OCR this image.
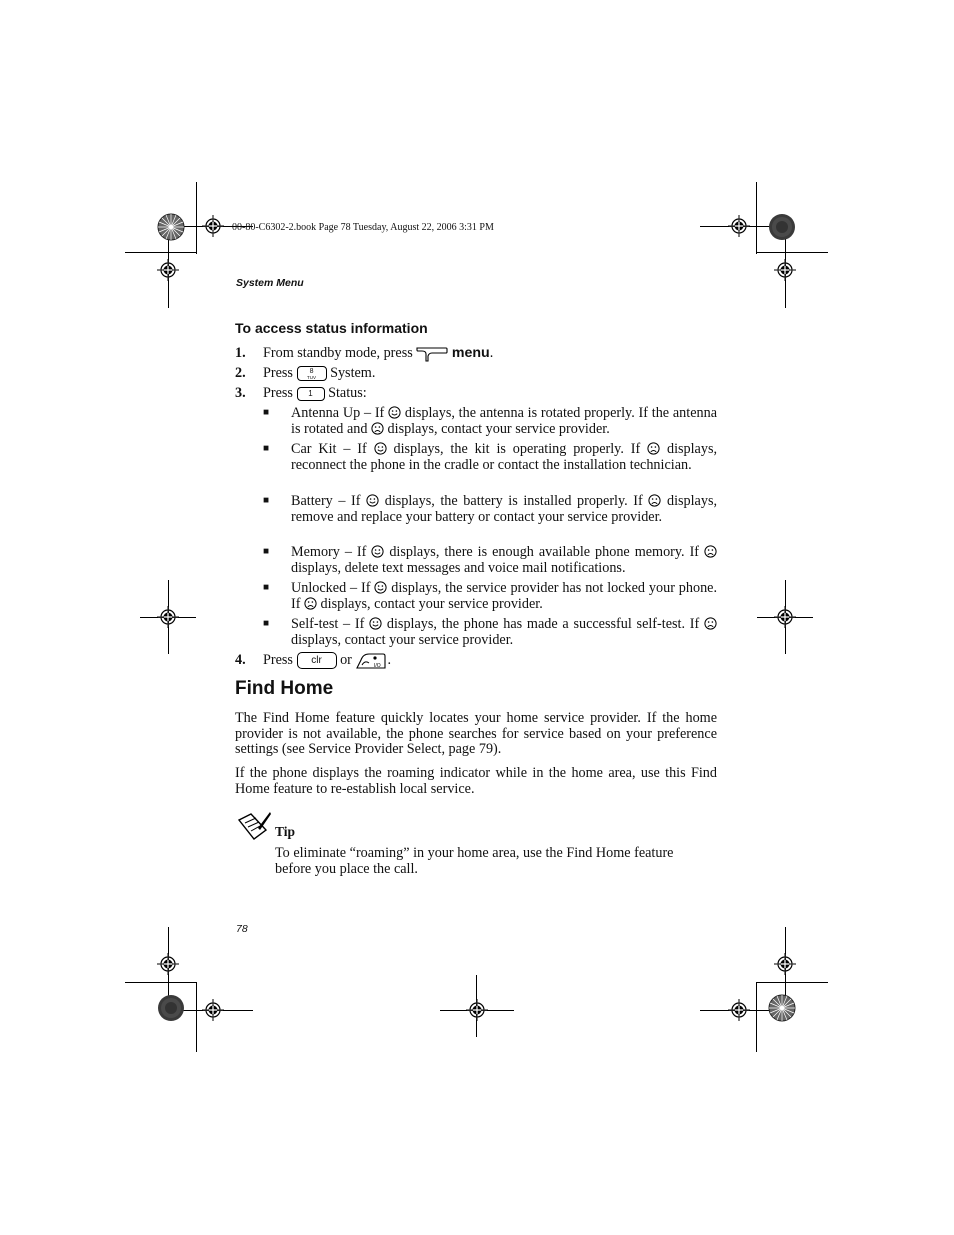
00-80-C6302-2.book Page 78 Tuesday, August 22, 2006 3:31 PM
System Menu
To access status information
1. From standby mode, press	menu.
2. Press	8
TUV System.
3. Press 1 Status:
■ Antenna Up – If displays, the antenna is rotated properly. If the antenna is rotated and displays, contact your service provider.
■ Car Kit – If displays, the kit is operating properly. If displays, reconnect the phone in the cradle or contact the installation technician.
■ Battery – If displays, the battery is installed properly. If displays, remove and replace your battery or contact your service provider.
■ Memory – If displays, there is enough available phone memory. If  displays, delete text messages and voice mail notifications.
■ Unlocked – If displays, the service provider has not locked your phone. If displays, contact your service provider.
■ Self-test – If displays, the phone has made a successful self-test. If  displays, contact your service provider.
4. Press clr or	I/O .
Find Home
The Find Home feature quickly locates your home service provider. If the home provider is not available, the phone searches for service based on your preference settings (see Service Provider Select, page 79).
If the phone displays the roaming indicator while in the home area, use this Find Home feature to re-establish local service.
Tip
To eliminate “roaming” in your home area, use the Find Home feature before you place the call.
78
